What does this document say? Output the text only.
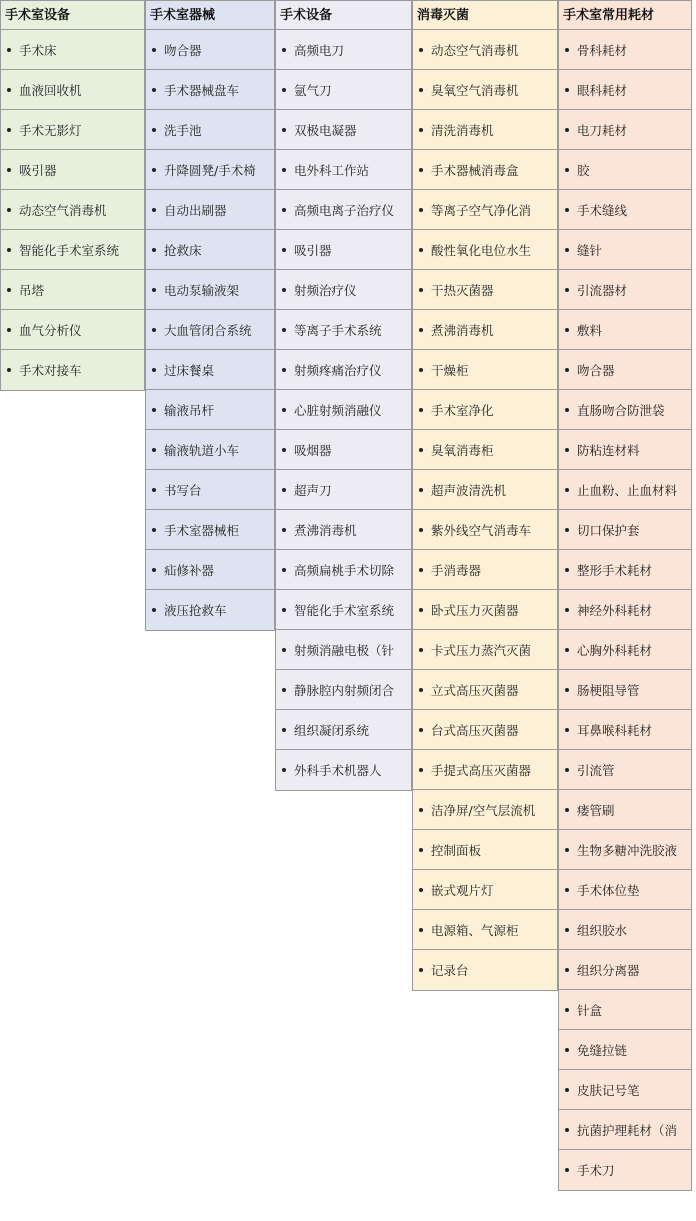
手术室设备
手术床
血液回收机
手术无影灯
吸引器
动态空气消毒机
智能化手术室系统
吊塔
血气分析仪
手术对接车
手术室器械
吻合器
手术器械盘车
洗手池
升降圆凳/手术椅
自动出刷器
抢救床
电动泵输液架
大血管闭合系统
过床餐桌
输液吊杆
输液轨道小车
书写台
手术室器械柜
疝修补器
液压抢救车
手术设备
高频电刀
氩气刀
双极电凝器
电外科工作站
高频电离子治疗仪
吸引器
射频治疗仪
等离子手术系统
射频疼痛治疗仪
心脏射频消融仪
吸烟器
超声刀
煮沸消毒机
高频扁桃手术切除
智能化手术室系统
射频消融电极（针
静脉腔内射频闭合
组织凝闭系统
外科手术机器人
消毒灭菌
动态空气消毒机
臭氧空气消毒机
清洗消毒机
手术器械消毒盒
等离子空气净化消
酸性氧化电位水生
干热灭菌器
煮沸消毒机
干燥柜
手术室净化
臭氧消毒柜
超声波清洗机
紫外线空气消毒车
手消毒器
卧式压力灭菌器
卡式压力蒸汽灭菌
立式高压灭菌器
台式高压灭菌器
手提式高压灭菌器
洁净屏/空气层流机
控制面板
嵌式观片灯
电源箱、气源柜
记录台
手术室常用耗材
骨科耗材
眼科耗材
电刀耗材
胶
手术缝线
缝针
引流器材
敷料
吻合器
直肠吻合防泄袋
防粘连材料
止血粉、止血材料
切口保护套
整形手术耗材
神经外科耗材
心胸外科耗材
肠梗阻导管
耳鼻喉科耗材
引流管
瘘管刷
生物多糖冲洗胶液
手术体位垫
组织胶水
组织分离器
针盒
免缝拉链
皮肤记号笔
抗菌护理耗材（消
手术刀
